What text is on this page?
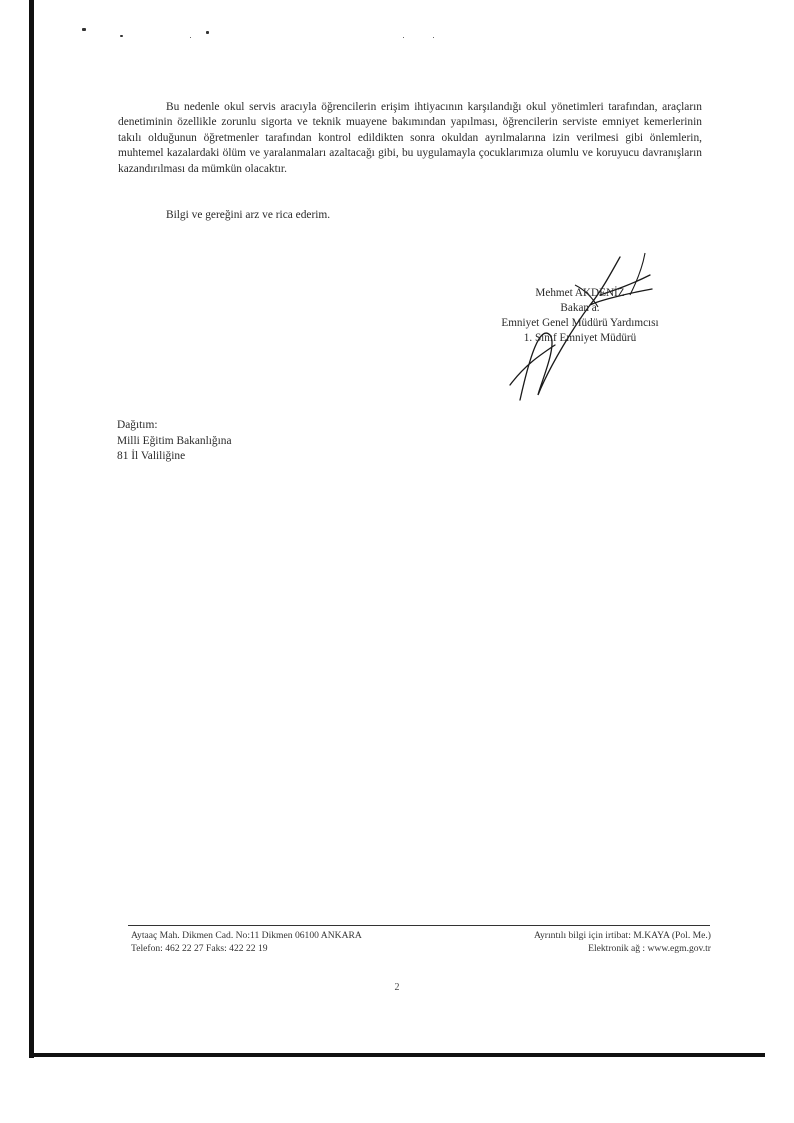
Bu nedenle okul servis aracıyla öğrencilerin erişim ihtiyacının karşılandığı okul yönetimleri tarafından, araçların denetiminin özellikle zorunlu sigorta ve teknik muayene bakımından yapılması, öğrencilerin serviste emniyet kemerlerinin takılı olduğunun öğretmenler tarafından kontrol edildikten sonra okuldan ayrılmalarına izin verilmesi gibi önlemlerin, muhtemel kazalardaki ölüm ve yaralanmaları azaltacağı gibi, bu uygulamayla çocuklarımıza olumlu ve koruyucu davranışların kazandırılması da mümkün olacaktır.

Bilgi ve gereğini arz ve rica ederim.
Mehmet AKDENİZ
Bakan a.
Emniyet Genel Müdürü Yardımcısı
1. Sınıf Emniyet Müdürü
Dağıtım:
Milli Eğitim Bakanlığına
81 İl Valiliğine
Aytaaç Mah. Dikmen Cad. No:11 Dikmen 06100 ANKARA	Ayrıntılı bilgi için irtibat: M.KAYA (Pol. Me.)
Telefon: 462 22 27 Faks: 422 22 19	Elektronik ağ : www.egm.gov.tr
2
